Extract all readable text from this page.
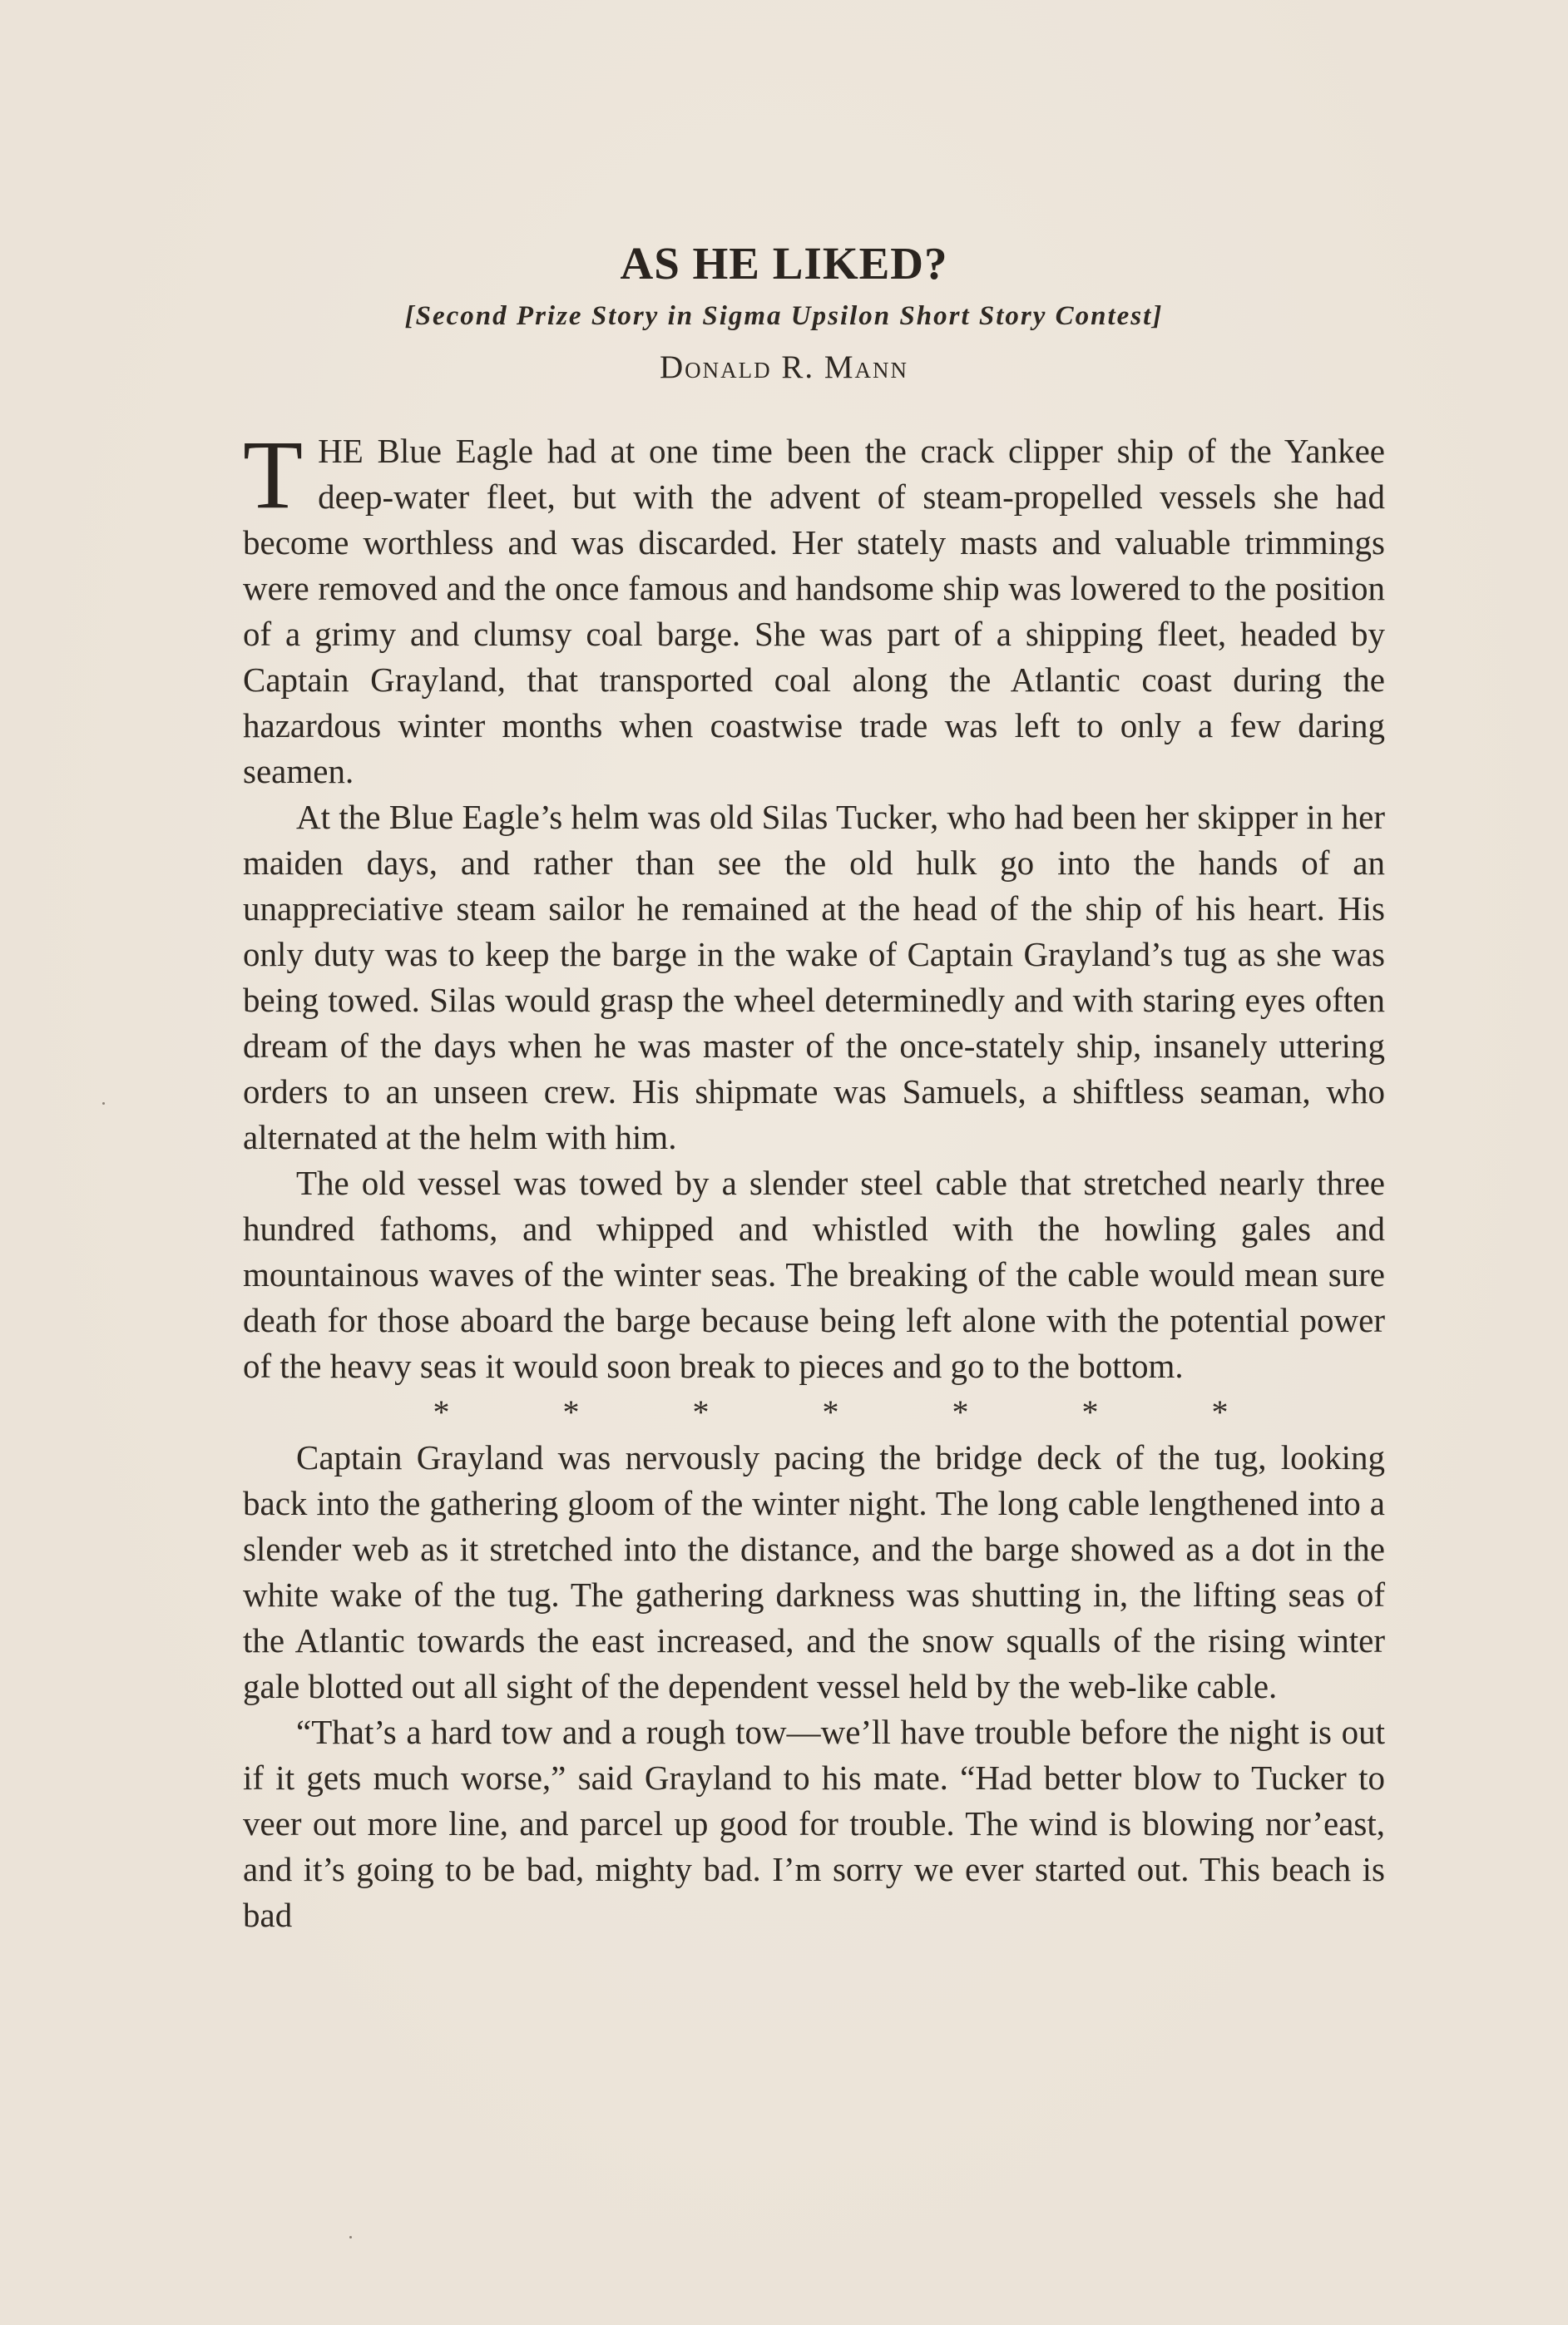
AS HE LIKED?
[Second Prize Story in Sigma Upsilon Short Story Contest]
Donald R. Mann

THE Blue Eagle had at one time been the crack clipper ship of the Yankee deep-water fleet, but with the advent of steam-propelled vessels she had become worthless and was discarded. Her stately masts and valuable trimmings were removed and the once famous and handsome ship was lowered to the position of a grimy and clumsy coal barge. She was part of a shipping fleet, headed by Captain Grayland, that transported coal along the Atlantic coast during the hazardous winter months when coastwise trade was left to only a few daring seamen.

At the Blue Eagle’s helm was old Silas Tucker, who had been her skipper in her maiden days, and rather than see the old hulk go into the hands of an unappreciative steam sailor he remained at the head of the ship of his heart. His only duty was to keep the barge in the wake of Captain Grayland’s tug as she was being towed. Silas would grasp the wheel determinedly and with staring eyes often dream of the days when he was master of the once-stately ship, insanely uttering orders to an unseen crew. His shipmate was Samuels, a shiftless seaman, who alternated at the helm with him.

The old vessel was towed by a slender steel cable that stretched nearly three hundred fathoms, and whipped and whistled with the howling gales and mountainous waves of the winter seas. The breaking of the cable would mean sure death for those aboard the barge because being left alone with the potential power of the heavy seas it would soon break to pieces and go to the bottom.

*	*	*	*	*	*	*

Captain Grayland was nervously pacing the bridge deck of the tug, looking back into the gathering gloom of the winter night. The long cable lengthened into a slender web as it stretched into the distance, and the barge showed as a dot in the white wake of the tug. The gathering darkness was shutting in, the lifting seas of the Atlantic towards the east increased, and the snow squalls of the rising winter gale blotted out all sight of the dependent vessel held by the web-like cable.

“That’s a hard tow and a rough tow—we’ll have trouble before the night is out if it gets much worse,” said Grayland to his mate. “Had better blow to Tucker to veer out more line, and parcel up good for trouble. The wind is blowing nor’east, and it’s going to be bad, mighty bad. I’m sorry we ever started out. This beach is bad
